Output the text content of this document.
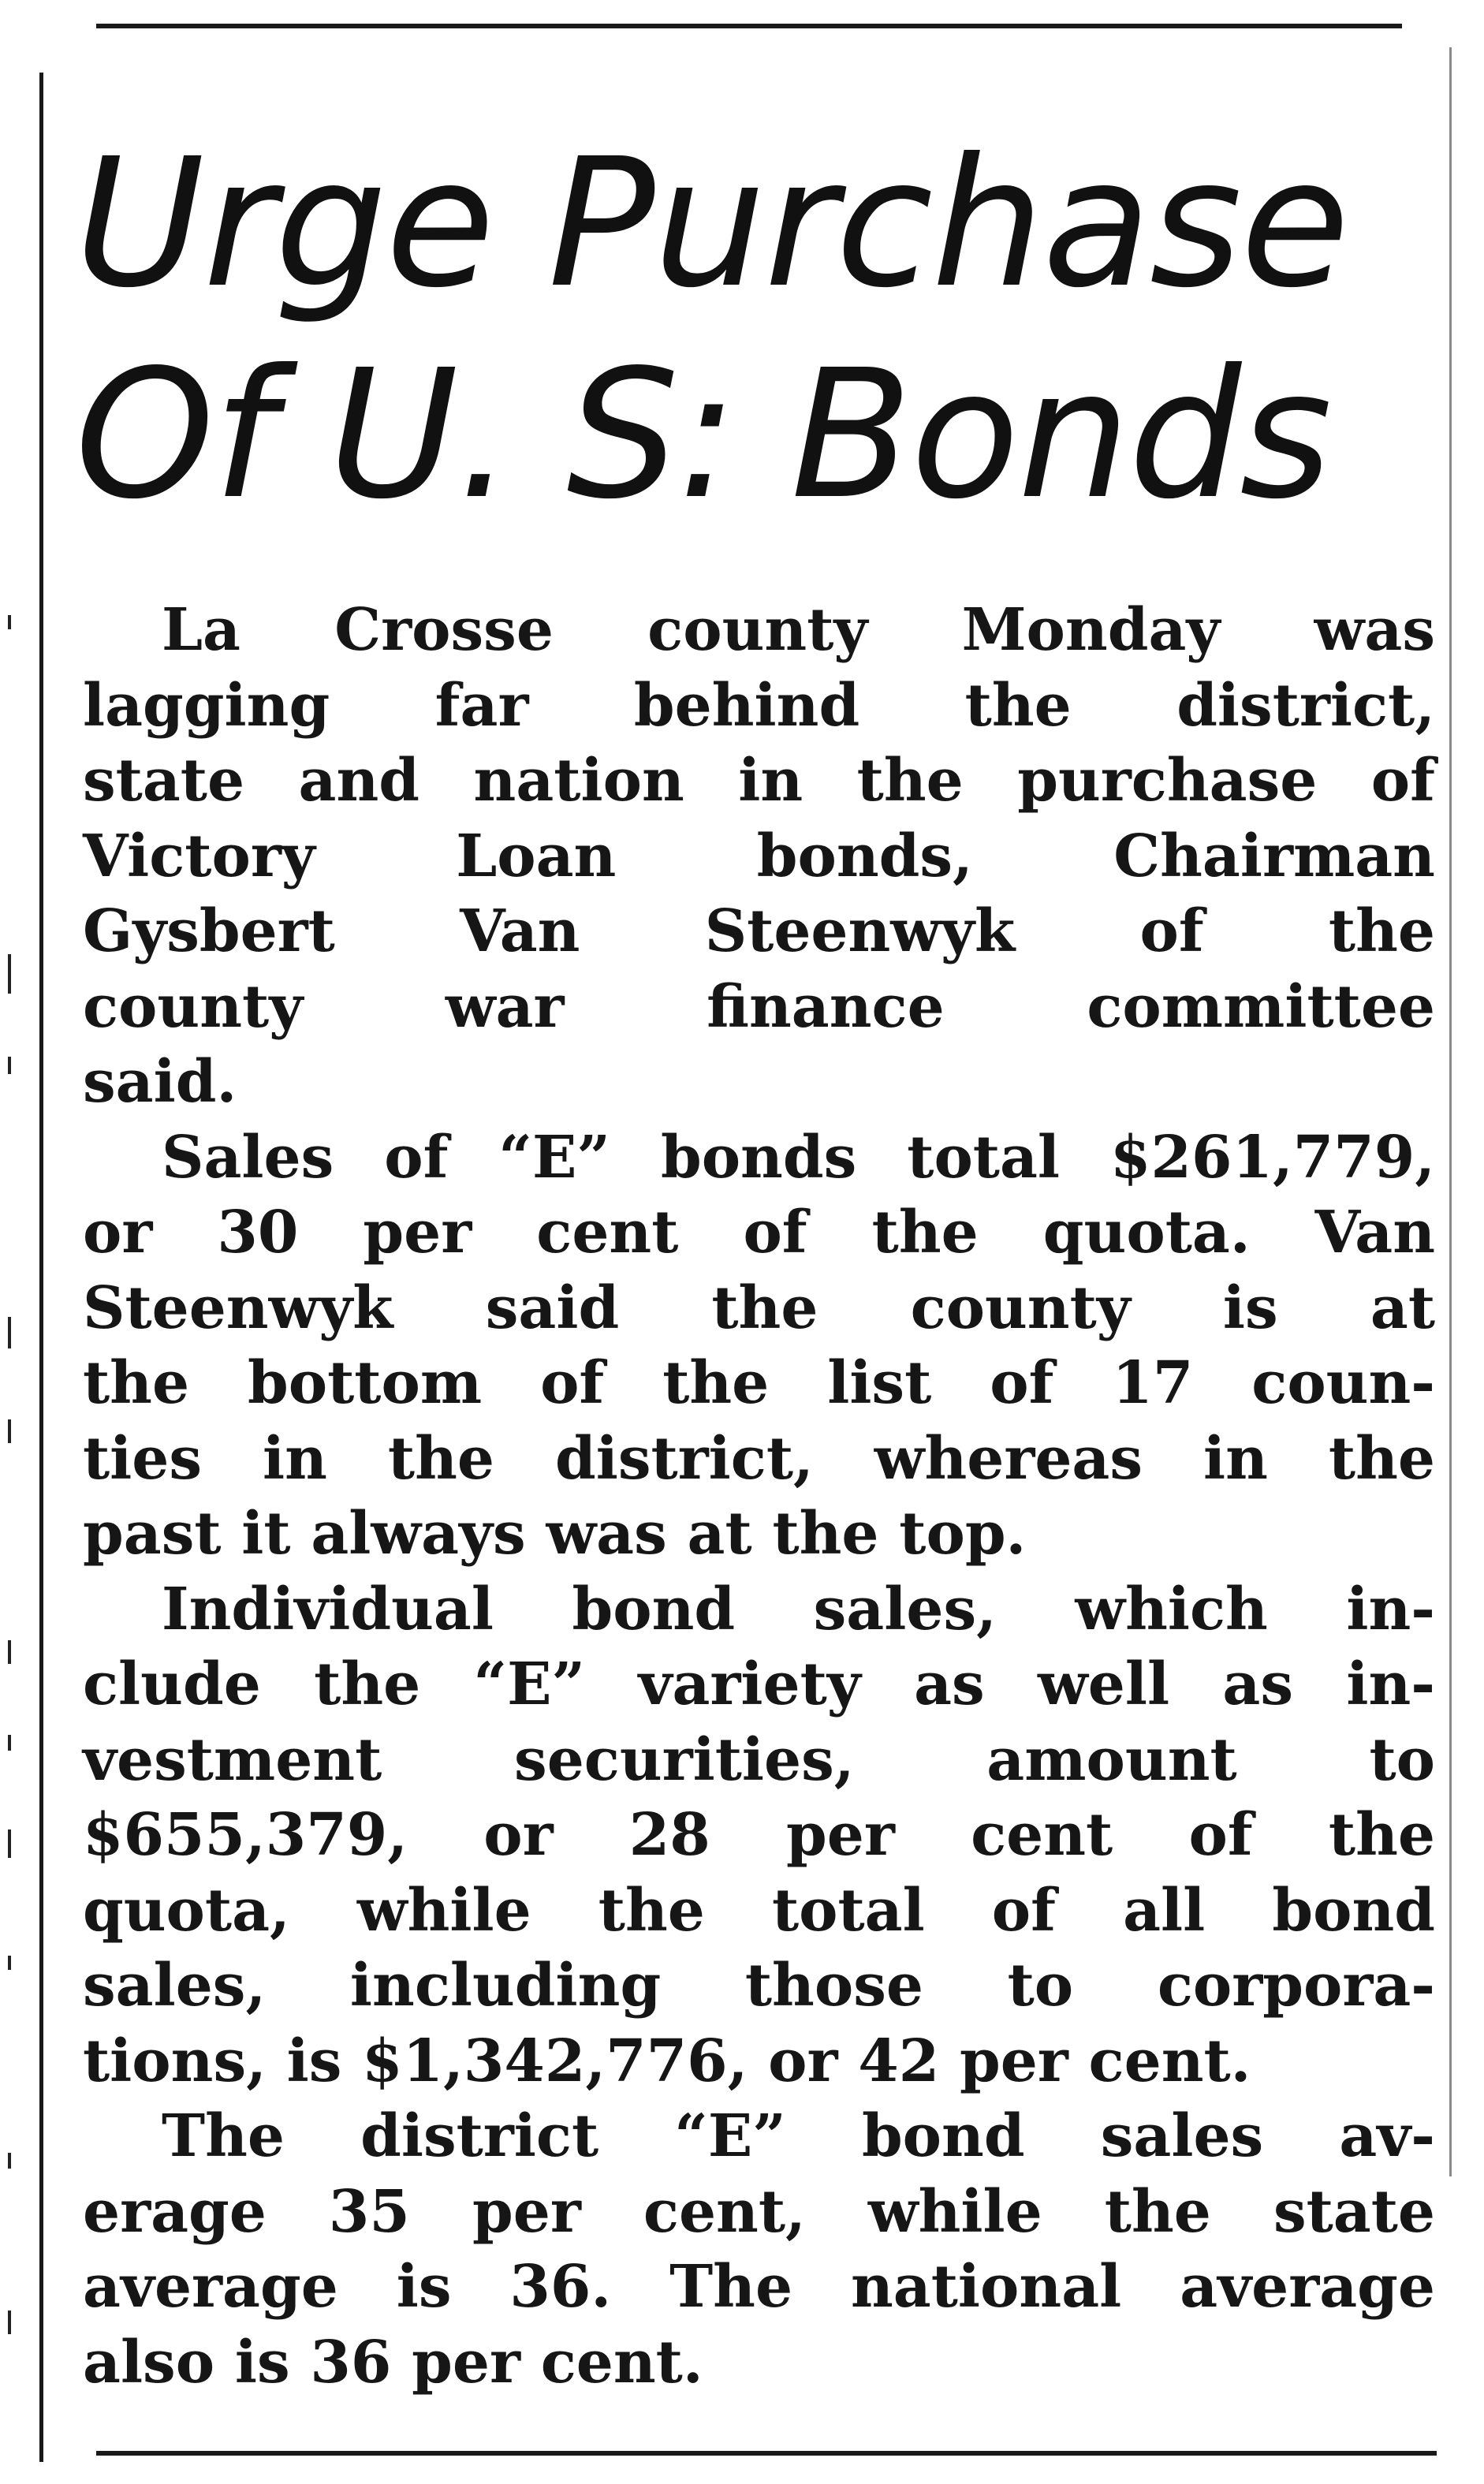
Urge Purchase
Of U. S: Bonds
La Crosse county Monday was
lagging far behind the district,
state and nation in the purchase of
Victory Loan bonds, Chairman
Gysbert Van Steenwyk of the
county war finance committee
said.
Sales of “E” bonds total $261,779,
or 30 per cent of the quota. Van
Steenwyk said the county is at
the bottom of the list of 17 coun-
ties in the district, whereas in the
past it always was at the top.
Individual bond sales, which in-
clude the “E” variety as well as in-
vestment securities, amount to
$655,379, or 28 per cent of the
quota, while the total of all bond
sales, including those to corpora-
tions, is $1,342,776, or 42 per cent.
The district “E” bond sales av-
erage 35 per cent, while the state
average is 36. The national average
also is 36 per cent.
